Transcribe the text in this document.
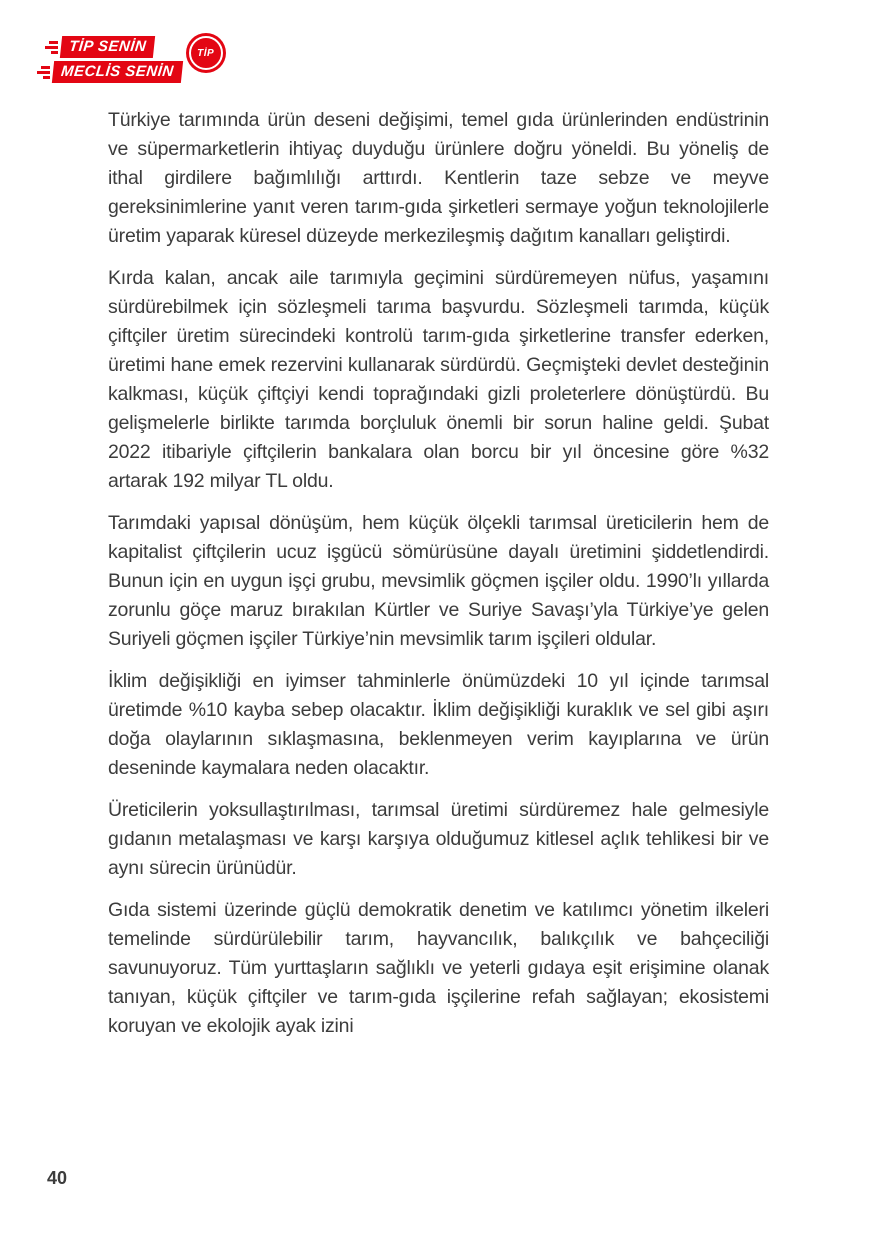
TİP SENİN
MECLİS SENİN
TİP

Türkiye tarımında ürün deseni değişimi, temel gıda ürünlerinden endüstrinin ve süpermarketlerin ihtiyaç duyduğu ürünlere doğru yöneldi. Bu yöneliş de ithal girdilere bağımlılığı arttırdı. Kentlerin taze sebze ve meyve gereksinimlerine yanıt veren tarım-gıda şirketleri sermaye yoğun teknolojilerle üretim yaparak küresel düzeyde merkezileşmiş dağıtım kanalları geliştirdi.

Kırda kalan, ancak aile tarımıyla geçimini sürdüremeyen nüfus, yaşamını sürdürebilmek için sözleşmeli tarıma başvurdu. Sözleşmeli tarımda, küçük çiftçiler üretim sürecindeki kontrolü tarım-gıda şirketlerine transfer ederken, üretimi hane emek rezervini kullanarak sürdürdü. Geçmişteki devlet desteğinin kalkması, küçük çiftçiyi kendi toprağındaki gizli proleterlere dönüştürdü. Bu gelişmelerle birlikte tarımda borçluluk önemli bir sorun haline geldi. Şubat 2022 itibariyle çiftçilerin bankalara olan borcu bir yıl öncesine göre %32 artarak 192 milyar TL oldu.

Tarımdaki yapısal dönüşüm, hem küçük ölçekli tarımsal üreticilerin hem de kapitalist çiftçilerin ucuz işgücü sömürüsüne dayalı üretimini şiddetlendirdi. Bunun için en uygun işçi grubu, mevsimlik göçmen işçiler oldu. 1990’lı yıllarda zorunlu göçe maruz bırakılan Kürtler ve Suriye Savaşı’yla Türkiye’ye gelen Suriyeli göçmen işçiler Türkiye’nin mevsimlik tarım işçileri oldular.

İklim değişikliği en iyimser tahminlerle önümüzdeki 10 yıl içinde tarımsal üretimde %10 kayba sebep olacaktır. İklim değişikliği kuraklık ve sel gibi aşırı doğa olaylarının sıklaşmasına, beklenmeyen verim kayıplarına ve ürün deseninde kaymalara neden olacaktır.

Üreticilerin yoksullaştırılması, tarımsal üretimi sürdüremez hale gelmesiyle gıdanın metalaşması ve karşı karşıya olduğumuz kitlesel açlık tehlikesi bir ve aynı sürecin ürünüdür.

Gıda sistemi üzerinde güçlü demokratik denetim ve katılımcı yönetim ilkeleri temelinde sürdürülebilir tarım, hayvancılık, balıkçılık ve bahçeciliği savunuyoruz. Tüm yurttaşların sağlıklı ve yeterli gıdaya eşit erişimine olanak tanıyan, küçük çiftçiler ve tarım-gıda işçilerine refah sağlayan; ekosistemi koruyan ve ekolojik ayak izini

40
